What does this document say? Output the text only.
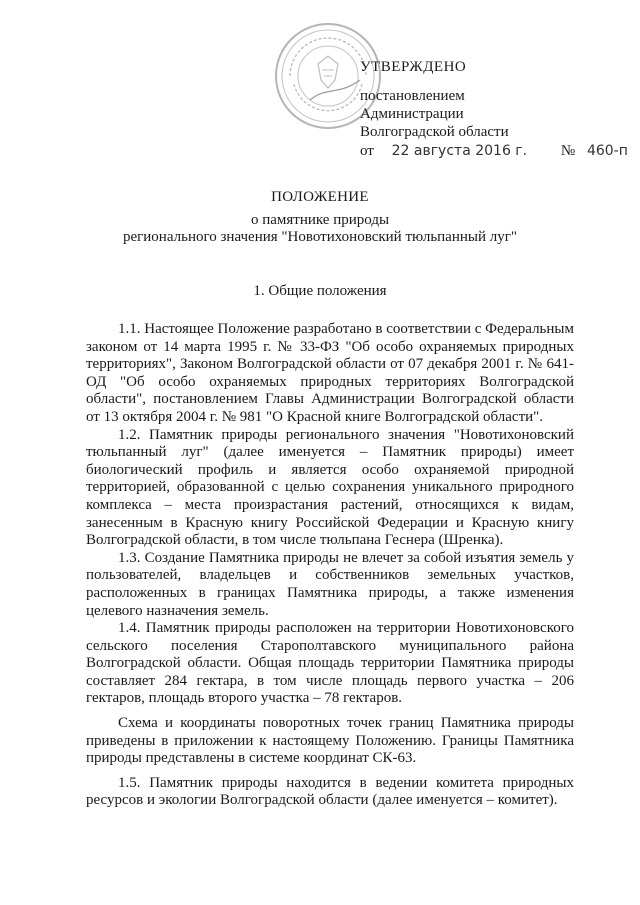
УТВЕРЖДЕНО
постановлением
Администрации
Волгоградской области
от 22 августа 2016 г. № 460-п
ПОЛОЖЕНИЕ
о памятнике природы
регионального значения "Новотихоновский тюльпанный луг"
1. Общие положения

1.1. Настоящее Положение разработано в соответствии с Федеральным законом от 14 марта 1995 г. № 33-ФЗ "Об особо охраняемых природных территориях", Законом Волгоградской области от 07 декабря 2001 г. № 641-ОД "Об особо охраняемых природных территориях Волгоградской области", постановлением Главы Администрации Волгоградской области от 13 октября 2004 г. № 981 "О Красной книге Волгоградской области".

1.2. Памятник природы регионального значения "Новотихоновский тюльпанный луг" (далее именуется – Памятник природы) имеет биологический профиль и является особо охраняемой природной территорией, образованной с целью сохранения уникального природного комплекса – места произрастания растений, относящихся к видам, занесенным в Красную книгу Российской Федерации и Красную книгу Волгоградской области, в том числе тюльпана Геснера (Шренка).

1.3. Создание Памятника природы не влечет за собой изъятия земель у пользователей, владельцев и собственников земельных участков, расположенных в границах Памятника природы, а также изменения целевого назначения земель.

1.4. Памятник природы расположен на территории Новотихоновского сельского поселения Старополтавского муниципального района Волгоградской области. Общая площадь территории Памятника природы составляет 284 гектара, в том числе площадь первого участка – 206 гектаров, площадь второго участка – 78 гектаров.

Схема и координаты поворотных точек границ Памятника природы приведены в приложении к настоящему Положению. Границы Памятника природы представлены в системе координат СК-63.

1.5. Памятник природы находится в ведении комитета природных ресурсов и экологии Волгоградской области (далее именуется – комитет).
